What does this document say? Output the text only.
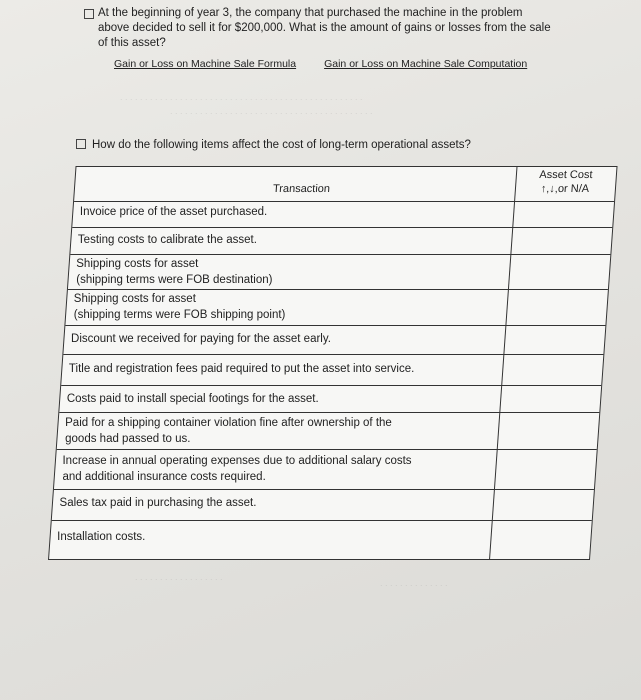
At the beginning of year 3, the company that purchased the machine in the problem above decided to sell it for $200,000. What is the amount of gains or losses from the sale of this asset?
Gain or Loss on Machine Sale Formula	Gain or Loss on Machine Sale Computation
. . . . . . . . . . . . . . . . . . . . . . . . . . . . . . . . . . . . . . . . . . . . . . . . .
. . . . . . . . . . . . . . . . . . . . . . . . . . . . . . . . . . . . . . . . .
How do the following items affect the cost of long-term operational assets?
Transaction
Asset Cost
↑,↓,or N/A
Invoice price of the asset purchased.
Testing costs to calibrate the asset.
Shipping costs for asset
(shipping terms were FOB destination)
Shipping costs for asset
(shipping terms were FOB shipping point)
Discount we received for paying for the asset early.
Title and registration fees paid required to put the asset into service.
Costs paid to install special footings for the asset.
Paid for a shipping container violation fine after ownership of the
goods had passed to us.
Increase in annual operating expenses due to additional salary costs
and additional insurance costs required.
Sales tax paid in purchasing the asset.
Installation costs.
. . . . . . . . . . . . . . . . . .
. . . . . . . . . . . . . .
